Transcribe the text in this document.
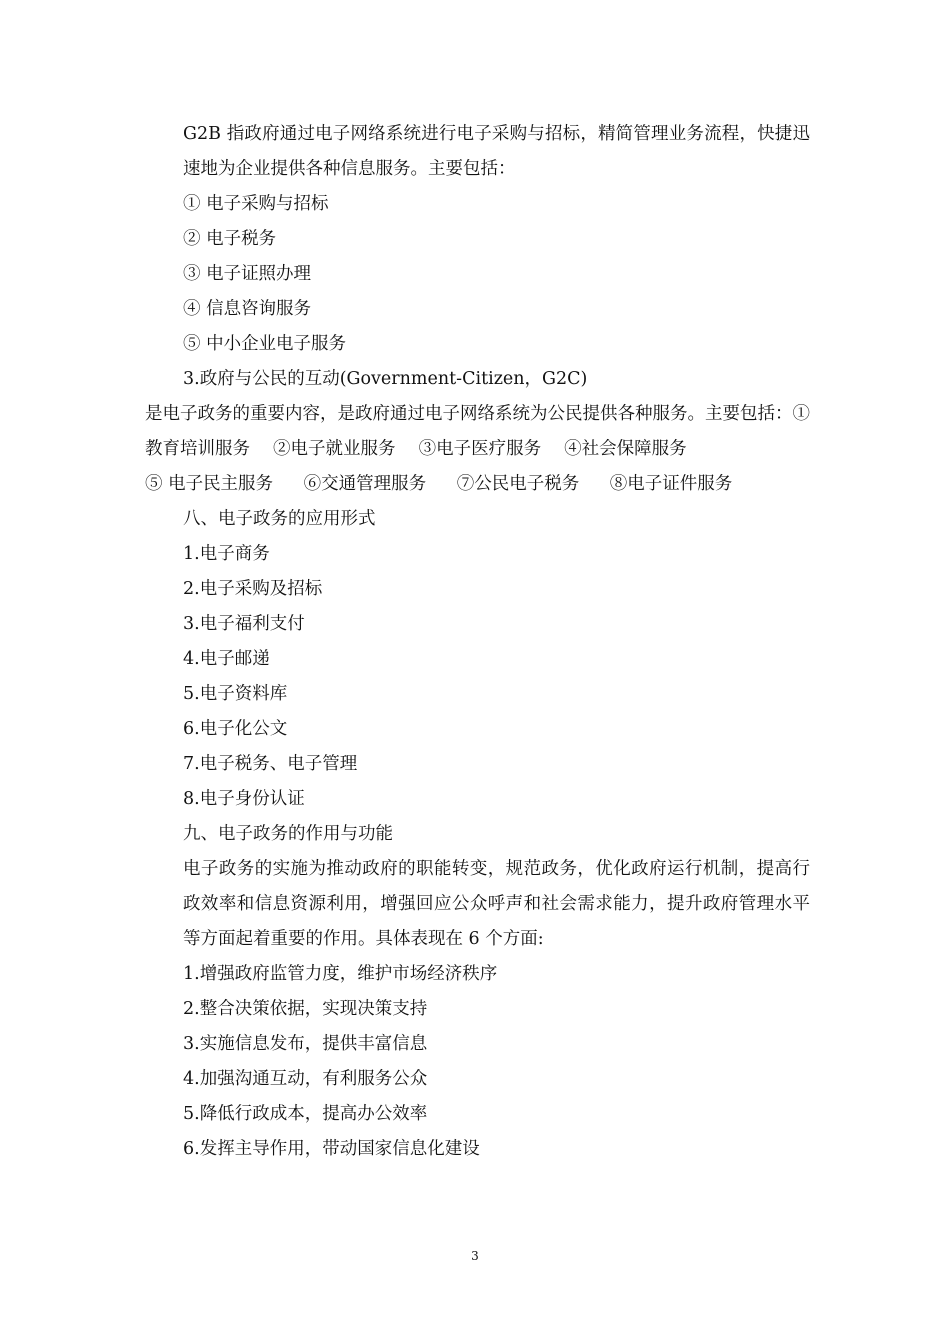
G2B 指政府通过电子网络系统进行电子采购与招标，精简管理业务流程，快捷迅速地为企业提供各种信息服务。主要包括：
① 电子采购与招标
② 电子税务
③ 电子证照办理
④ 信息咨询服务
⑤ 中小企业电子服务
3.政府与公民的互动(Government-Citizen，G2C)
是电子政务的重要内容，是政府通过电子网络系统为公民提供各种服务。主要包括：①教育培训服务　 ②电子就业服务　 ③电子医疗服务　 ④社会保障服务
⑤ 电子民主服务 ⑥交通管理服务 ⑦公民电子税务 ⑧电子证件服务
八、电子政务的应用形式
1.电子商务
2.电子采购及招标
3.电子福利支付
4.电子邮递
5.电子资料库
6.电子化公文
7.电子税务、电子管理
8.电子身份认证
九、电子政务的作用与功能
电子政务的实施为推动政府的职能转变，规范政务，优化政府运行机制，提高行政效率和信息资源利用，增强回应公众呼声和社会需求能力，提升政府管理水平等方面起着重要的作用。具体表现在 6 个方面:
1.增强政府监管力度，维护市场经济秩序
2.整合决策依据，实现决策支持
3.实施信息发布，提供丰富信息
4.加强沟通互动，有利服务公众
5.降低行政成本，提高办公效率
6.发挥主导作用，带动国家信息化建设
3
